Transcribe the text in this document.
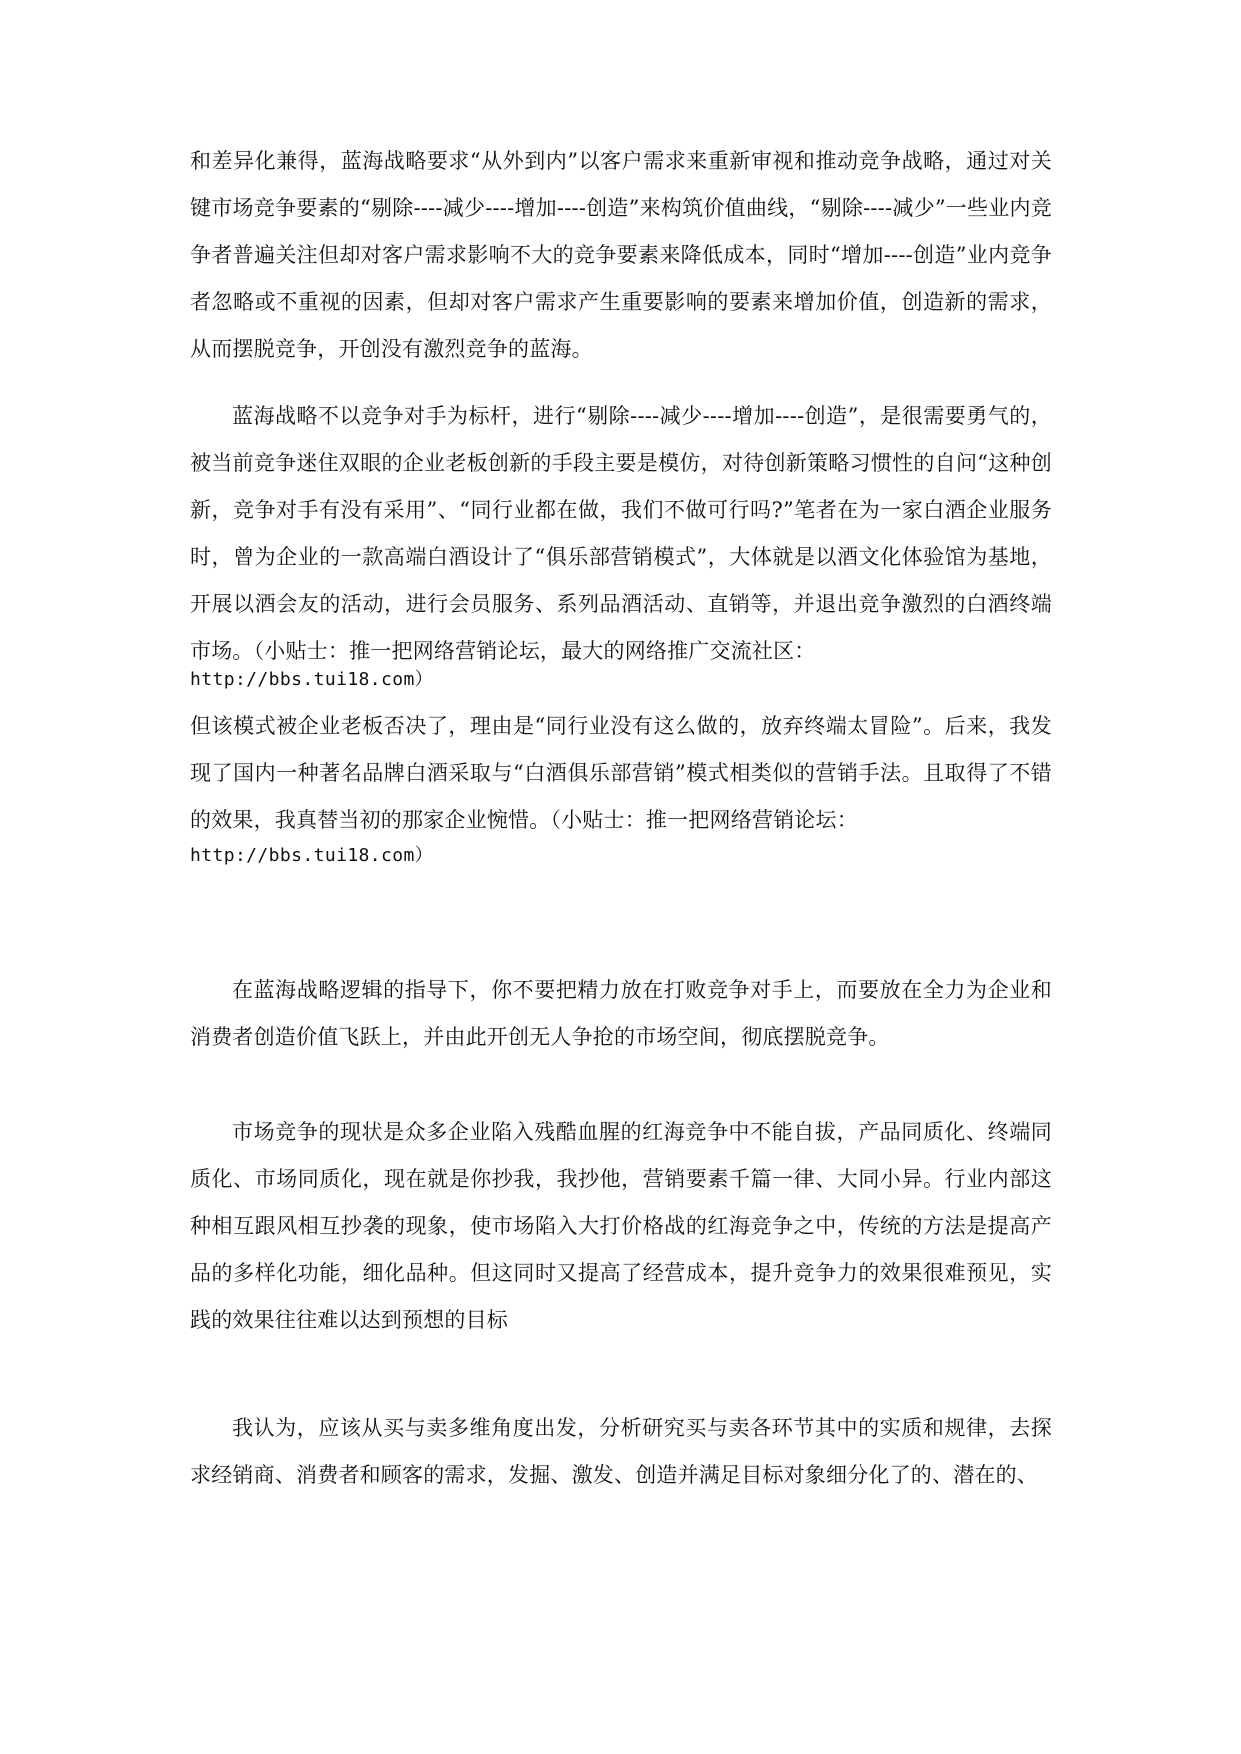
和差异化兼得，蓝海战略要求“从外到内”以客户需求来重新审视和推动竞争战略，通过对关键市场竞争要素的“剔除----减少----增加----创造”来构筑价值曲线，“剔除----减少”一些业内竞争者普遍关注但却对客户需求影响不大的竞争要素来降低成本，同时“增加----创造”业内竞争者忽略或不重视的因素，但却对客户需求产生重要影响的要素来增加价值，创造新的需求，从而摆脱竞争，开创没有激烈竞争的蓝海。
蓝海战略不以竞争对手为标杆，进行“剔除----减少----增加----创造”，是很需要勇气的，被当前竞争迷住双眼的企业老板创新的手段主要是模仿，对待创新策略习惯性的自问“这种创新，竞争对手有没有采用”、“同行业都在做，我们不做可行吗?”笔者在为一家白酒企业服务时，曾为企业的一款高端白酒设计了“俱乐部营销模式”，大体就是以酒文化体验馆为基地，开展以酒会友的活动，进行会员服务、系列品酒活动、直销等，并退出竞争激烈的白酒终端市场。（小贴士：推一把网络营销论坛，最大的网络推广交流社区：
http://bbs.tui18.com）
但该模式被企业老板否决了，理由是“同行业没有这么做的，放弃终端太冒险”。后来，我发现了国内一种著名品牌白酒采取与“白酒俱乐部营销”模式相类似的营销手法。且取得了不错的效果，我真替当初的那家企业惋惜。（小贴士：推一把网络营销论坛：
http://bbs.tui18.com）
在蓝海战略逻辑的指导下，你不要把精力放在打败竞争对手上，而要放在全力为企业和消费者创造价值飞跃上，并由此开创无人争抢的市场空间，彻底摆脱竞争。
市场竞争的现状是众多企业陷入残酷血腥的红海竞争中不能自拔，产品同质化、终端同质化、市场同质化，现在就是你抄我，我抄他，营销要素千篇一律、大同小异。行业内部这种相互跟风相互抄袭的现象，使市场陷入大打价格战的红海竞争之中，传统的方法是提高产品的多样化功能，细化品种。但这同时又提高了经营成本，提升竞争力的效果很难预见，实践的效果往往难以达到预想的目标
我认为，应该从买与卖多维角度出发，分析研究买与卖各环节其中的实质和规律，去探求经销商、消费者和顾客的需求，发掘、激发、创造并满足目标对象细分化了的、潜在的、
